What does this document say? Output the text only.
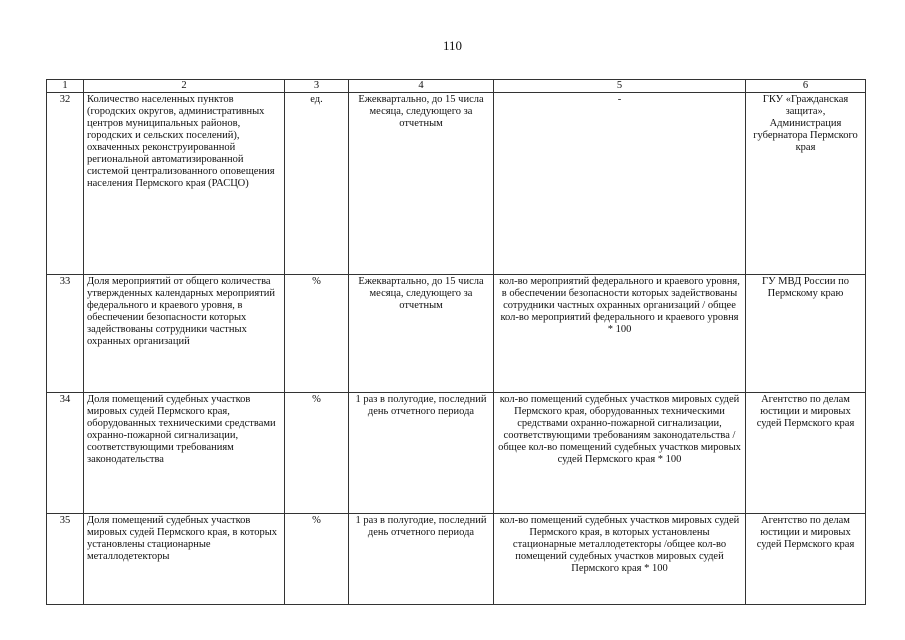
110
1	2	3	4	5	6
32	Количество населенных пунктов (городских округов, административных центров муниципальных районов, городских и сельских поселений), охваченных реконструированной региональной автоматизированной системой централизованного оповещения населения Пермского края (РАСЦО)	ед.	Ежеквартально, до 15 числа месяца, следующего за отчетным	-	ГКУ «Гражданская защита», Администрация губернатора Пермского края
33	Доля мероприятий от общего количества утвержденных календарных мероприятий федерального и краевого уровня, в обеспечении безопасности которых задействованы сотрудники частных охранных организаций	%	Ежеквартально, до 15 числа месяца, следующего за отчетным	кол-во мероприятий федерального и краевого уровня, в обеспечении безопасности которых задействованы сотрудники частных охранных организаций / общее кол-во мероприятий федерального и краевого уровня * 100	ГУ МВД России по Пермскому краю
34	Доля помещений судебных участков мировых судей Пермского края, оборудованных техническими средствами охранно-пожарной сигнализации, соответствующими требованиям законодательства	%	1 раз в полугодие, последний день отчетного периода	кол-во помещений судебных участков мировых судей Пермского края, оборудованных техническими средствами охранно-пожарной сигнализации, соответствующими требованиям законодательства / общее кол-во помещений судебных участков мировых судей Пермского края * 100	Агентство по делам юстиции и мировых судей Пермского края
35	Доля помещений судебных участков мировых судей Пермского края, в которых установлены стационарные металлодетекторы	%	1 раз в полугодие, последний день отчетного периода	кол-во помещений судебных участков мировых судей Пермского края, в которых установлены стационарные металлодетекторы /общее кол-во помещений судебных участков мировых судей Пермского края * 100	Агентство по делам юстиции и мировых судей Пермского края
